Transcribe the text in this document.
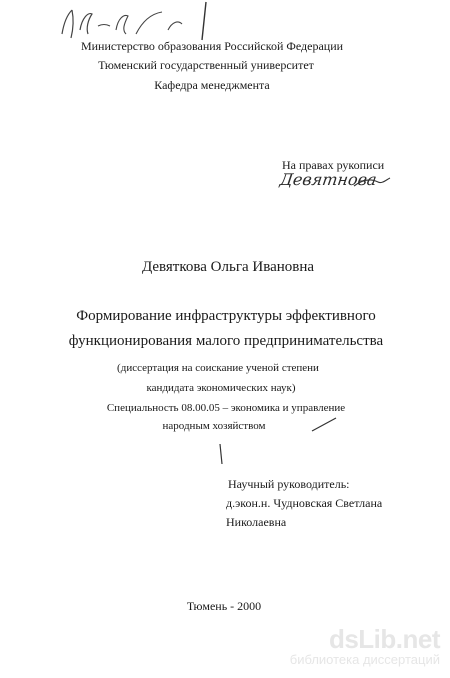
Министерство образования Российской Федерации
Тюменский государственный университет
Кафедра менеджмента
На правах рукописи
Девятнова
Девяткова Ольга Ивановна
Формирование инфраструктуры эффективного
функционирования малого предпринимательства
(диссертация на соискание ученой степени
кандидата экономических наук)
Специальность 08.00.05 – экономика и управление
народным хозяйством
Научный руководитель:
д.экон.н. Чудновская Светлана
Николаевна
Тюмень - 2000
dsLib.net
библиотека диссертаций
